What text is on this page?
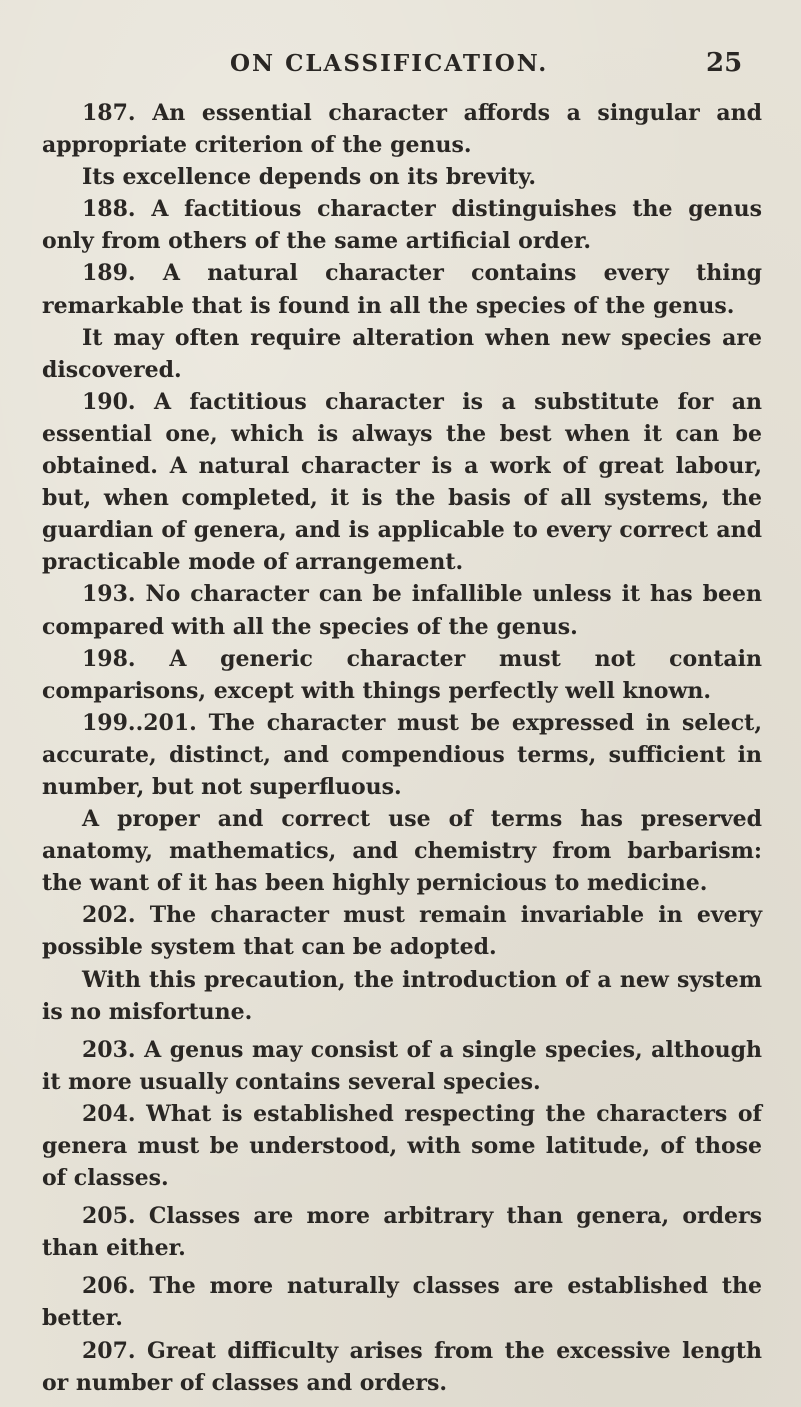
ON CLASSIFICATION.	25

187. An essential character affords a singular and appropriate criterion of the genus.

Its excellence depends on its brevity.

188. A factitious character distinguishes the genus only from others of the same artificial order.

189. A natural character contains every thing remarkable that is found in all the species of the genus.

It may often require alteration when new species are discovered.

190. A factitious character is a substitute for an essential one, which is always the best when it can be obtained. A natural character is a work of great labour, but, when completed, it is the basis of all systems, the guardian of genera, and is applicable to every correct and practicable mode of arrangement.

193. No character can be infallible unless it has been compared with all the species of the genus.

198. A generic character must not contain comparisons, except with things perfectly well known.

199..201. The character must be expressed in select, accurate, distinct, and compendious terms, sufficient in number, but not superfluous.

A proper and correct use of terms has preserved anatomy, mathematics, and chemistry from barbarism: the want of it has been highly pernicious to medicine.

202. The character must remain invariable in every possible system that can be adopted.

With this precaution, the introduction of a new system is no misfortune.

203. A genus may consist of a single species, although it more usually contains several species.

204. What is established respecting the characters of genera must be understood, with some latitude, of those of classes.

205. Classes are more arbitrary than genera, orders than either.

206. The more naturally classes are established the better.

207. Great difficulty arises from the excessive length or number of classes and orders.
